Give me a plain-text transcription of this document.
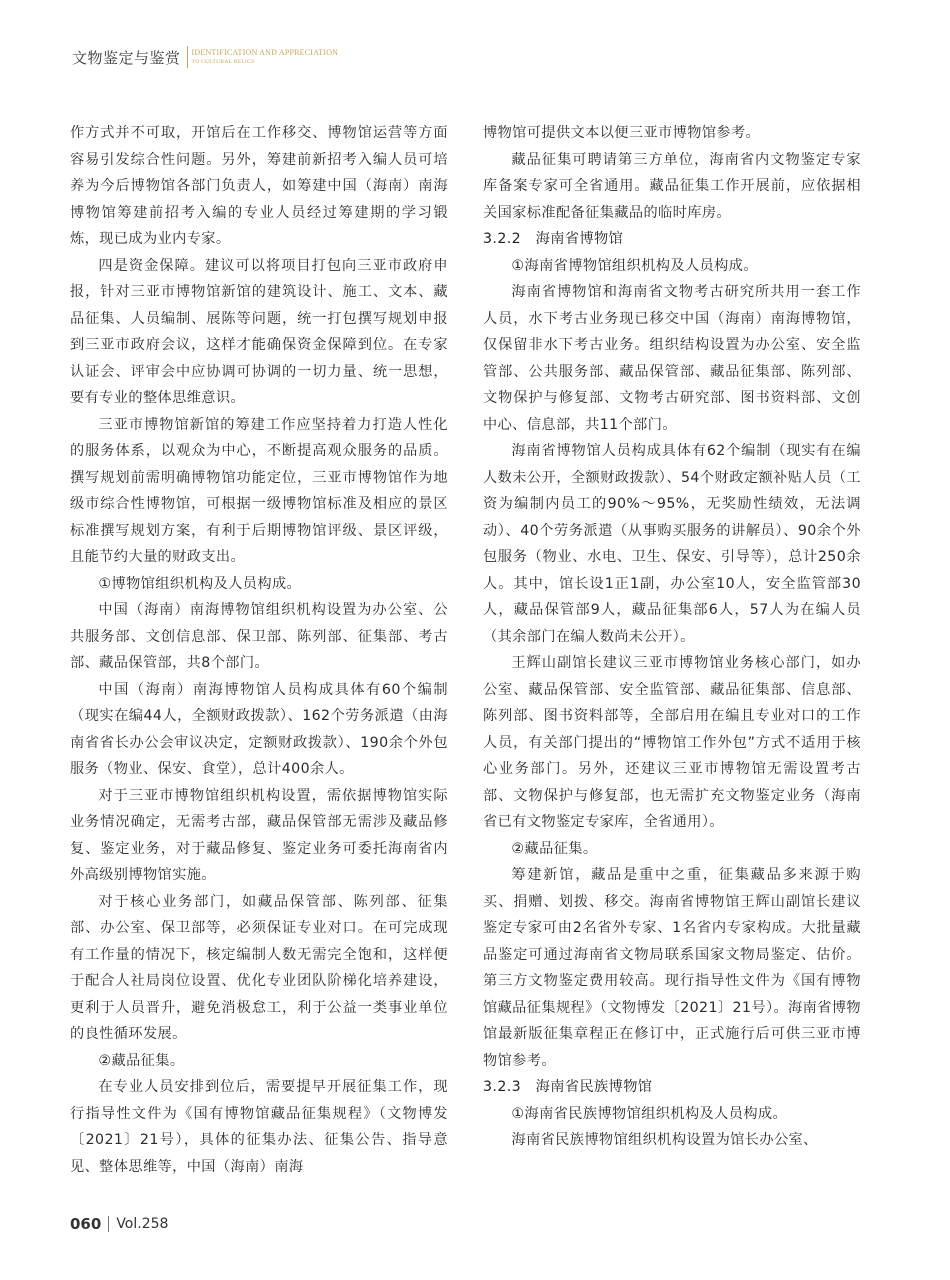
文物鉴定与鉴赏 IDENTIFICATION AND APPRECIATION
TO CULTURAL RELICS

作方式并不可取，开馆后在工作移交、博物馆运营等方面容易引发综合性问题。另外，筹建前新招考入编人员可培养为今后博物馆各部门负责人，如筹建中国（海南）南海博物馆筹建前招考入编的专业人员经过筹建期的学习锻炼，现已成为业内专家。

四是资金保障。建议可以将项目打包向三亚市政府申报，针对三亚市博物馆新馆的建筑设计、施工、文本、藏品征集、人员编制、展陈等问题，统一打包撰写规划申报到三亚市政府会议，这样才能确保资金保障到位。在专家认证会、评审会中应协调可协调的一切力量、统一思想，要有专业的整体思维意识。

三亚市博物馆新馆的筹建工作应坚持着力打造人性化的服务体系，以观众为中心，不断提高观众服务的品质。撰写规划前需明确博物馆功能定位，三亚市博物馆作为地级市综合性博物馆，可根据一级博物馆标准及相应的景区标准撰写规划方案，有利于后期博物馆评级、景区评级，且能节约大量的财政支出。

①博物馆组织机构及人员构成。

中国（海南）南海博物馆组织机构设置为办公室、公共服务部、文创信息部、保卫部、陈列部、征集部、考古部、藏品保管部，共8个部门。

中国（海南）南海博物馆人员构成具体有60个编制（现实在编44人，全额财政拨款）、162个劳务派遣（由海南省省长办公会审议决定，定额财政拨款）、190余个外包服务（物业、保安、食堂），总计400余人。

对于三亚市博物馆组织机构设置，需依据博物馆实际业务情况确定，无需考古部，藏品保管部无需涉及藏品修复、鉴定业务，对于藏品修复、鉴定业务可委托海南省内外高级别博物馆实施。

对于核心业务部门，如藏品保管部、陈列部、征集部、办公室、保卫部等，必须保证专业对口。在可完成现有工作量的情况下，核定编制人数无需完全饱和，这样便于配合人社局岗位设置、优化专业团队阶梯化培养建设，更利于人员晋升，避免消极怠工，利于公益一类事业单位的良性循环发展。

②藏品征集。

在专业人员安排到位后，需要提早开展征集工作，现行指导性文件为《国有博物馆藏品征集规程》（文物博发〔2021〕21号），具体的征集办法、征集公告、指导意见、整体思维等，中国（海南）南海

博物馆可提供文本以便三亚市博物馆参考。

藏品征集可聘请第三方单位，海南省内文物鉴定专家库备案专家可全省通用。藏品征集工作开展前，应依据相关国家标准配备征集藏品的临时库房。

3.2.2　海南省博物馆

①海南省博物馆组织机构及人员构成。

海南省博物馆和海南省文物考古研究所共用一套工作人员，水下考古业务现已移交中国（海南）南海博物馆，仅保留非水下考古业务。组织结构设置为办公室、安全监管部、公共服务部、藏品保管部、藏品征集部、陈列部、文物保护与修复部、文物考古研究部、图书资料部、文创中心、信息部，共11个部门。

海南省博物馆人员构成具体有62个编制（现实有在编人数未公开，全额财政拨款）、54个财政定额补贴人员（工资为编制内员工的90%～95%，无奖励性绩效，无法调动）、40个劳务派遣（从事购买服务的讲解员）、90余个外包服务（物业、水电、卫生、保安、引导等），总计250余人。其中，馆长设1正1副，办公室10人，安全监管部30人，藏品保管部9人，藏品征集部6人，57人为在编人员（其余部门在编人数尚未公开）。

王辉山副馆长建议三亚市博物馆业务核心部门，如办公室、藏品保管部、安全监管部、藏品征集部、信息部、陈列部、图书资料部等，全部启用在编且专业对口的工作人员，有关部门提出的“博物馆工作外包”方式不适用于核心业务部门。另外，还建议三亚市博物馆无需设置考古部、文物保护与修复部，也无需扩充文物鉴定业务（海南省已有文物鉴定专家库，全省通用）。

②藏品征集。

筹建新馆，藏品是重中之重，征集藏品多来源于购买、捐赠、划拨、移交。海南省博物馆王辉山副馆长建议鉴定专家可由2名省外专家、1名省内专家构成。大批量藏品鉴定可通过海南省文物局联系国家文物局鉴定、估价。第三方文物鉴定费用较高。现行指导性文件为《国有博物馆藏品征集规程》（文物博发〔2021〕21号）。海南省博物馆最新版征集章程正在修订中，正式施行后可供三亚市博物馆参考。

3.2.3　海南省民族博物馆

①海南省民族博物馆组织机构及人员构成。

海南省民族博物馆组织机构设置为馆长办公室、

060 Vol.258
